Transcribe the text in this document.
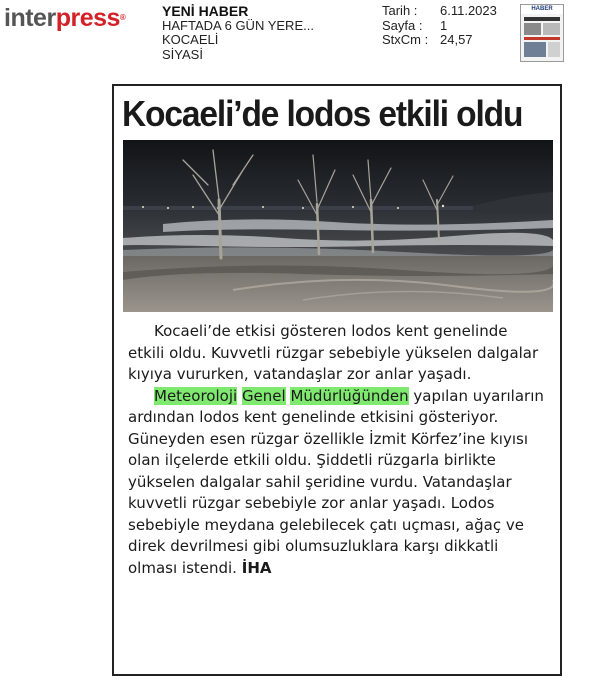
interpress®	YENİ HABER
HAFTADA 6 GÜN YERE...
KOCAELİ
SİYASİ
Tarih :	6.11.2023
Sayfa :	1
StxCm : 24,57
HABER
Kocaeli’de lodos etkili oldu

Kocaeli’de etkisi gösteren lodos kent genelinde etkili oldu. Kuvvetli rüzgar sebebiyle yükselen dalgalar kıyıya vururken, vatandaşlar zor anlar yaşadı.

Meteoroloji Genel Müdürlüğünden yapılan uyarıların ardından lodos kent genelinde etkisini gösteriyor. Güneyden esen rüzgar özellikle İzmit Körfez’ine kıyısı olan ilçelerde etkili oldu. Şiddetli rüzgarla birlikte yükselen dalgalar sahil şeridine vurdu. Vatandaşlar kuvvetli rüzgar sebebiyle zor anlar yaşadı. Lodos sebebiyle meydana gelebilecek çatı uçması, ağaç ve direk devrilmesi gibi olumsuzluklara karşı dikkatli olması istendi. İHA
